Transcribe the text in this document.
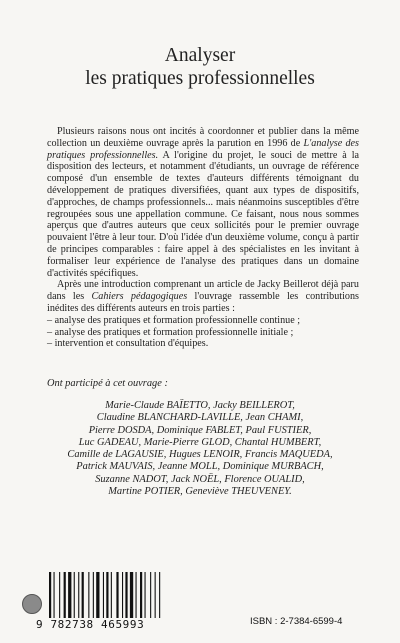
Analyser
les pratiques professionnelles

Plusieurs raisons nous ont incités à coordonner et publier dans la même collection un deuxième ouvrage après la parution en 1996 de L'analyse des pratiques professionnelles. A l'origine du projet, le souci de mettre à la disposition des lecteurs, et notamment d'étudiants, un ouvrage de référence composé d'un ensemble de textes d'auteurs différents témoignant du développement de pratiques diversifiées, quant aux types de dispositifs, d'approches, de champs professionnels... mais néanmoins susceptibles d'être regroupées sous une appellation commune. Ce faisant, nous nous sommes aperçus que d'autres auteurs que ceux sollicités pour le premier ouvrage pouvaient l'être à leur tour. D'où l'idée d'un deuxième volume, conçu à partir de principes comparables : faire appel à des spécialistes en les invitant à formaliser leur expérience de l'analyse des pratiques dans un domaine d'activités spécifiques.

Après une introduction comprenant un article de Jacky Beillerot déjà paru dans les Cahiers pédagogiques l'ouvrage rassemble les contributions inédites des différents auteurs en trois parties :

– analyse des pratiques et formation professionnelle continue ;
– analyse des pratiques et formation professionnelle initiale ;
– intervention et consultation d'équipes.
Ont participé à cet ouvrage :
Marie-Claude BAÏETTO, Jacky BEILLEROT,
Claudine BLANCHARD-LAVILLE, Jean CHAMI,
Pierre DOSDA, Dominique FABLET, Paul FUSTIER,
Luc GADEAU, Marie-Pierre GLOD, Chantal HUMBERT,
Camille de LAGAUSIE, Hugues LENOIR, Francis MAQUEDA,
Patrick MAUVAIS, Jeanne MOLL, Dominique MURBACH,
Suzanne NADOT, Jack NOËL, Florence OUALID,
Martine POTIER, Geneviève THEUVENEY.
9 782738 465993	ISBN : 2-7384-6599-4
